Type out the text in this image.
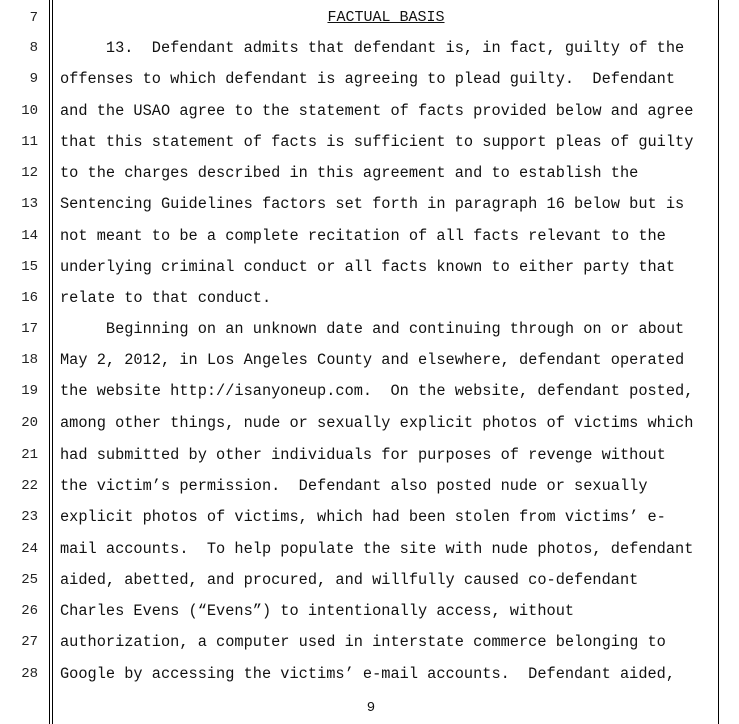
7
8
9
10
11
12
13
14
15
16
17
18
19
20
21
22
23
24
25
26
27
28
FACTUAL BASIS
13.  Defendant admits that defendant is, in fact, guilty of the
offenses to which defendant is agreeing to plead guilty.  Defendant
and the USAO agree to the statement of facts provided below and agree
that this statement of facts is sufficient to support pleas of guilty
to the charges described in this agreement and to establish the
Sentencing Guidelines factors set forth in paragraph 16 below but is
not meant to be a complete recitation of all facts relevant to the
underlying criminal conduct or all facts known to either party that
relate to that conduct.
Beginning on an unknown date and continuing through on or about
May 2, 2012, in Los Angeles County and elsewhere, defendant operated
the website http://isanyoneup.com.  On the website, defendant posted,
among other things, nude or sexually explicit photos of victims which
had submitted by other individuals for purposes of revenge without
the victim’s permission.  Defendant also posted nude or sexually
explicit photos of victims, which had been stolen from victims’ e-
mail accounts.  To help populate the site with nude photos, defendant
aided, abetted, and procured, and willfully caused co-defendant
Charles Evens (“Evens”) to intentionally access, without
authorization, a computer used in interstate commerce belonging to
Google by accessing the victims’ e-mail accounts.  Defendant aided,
9
